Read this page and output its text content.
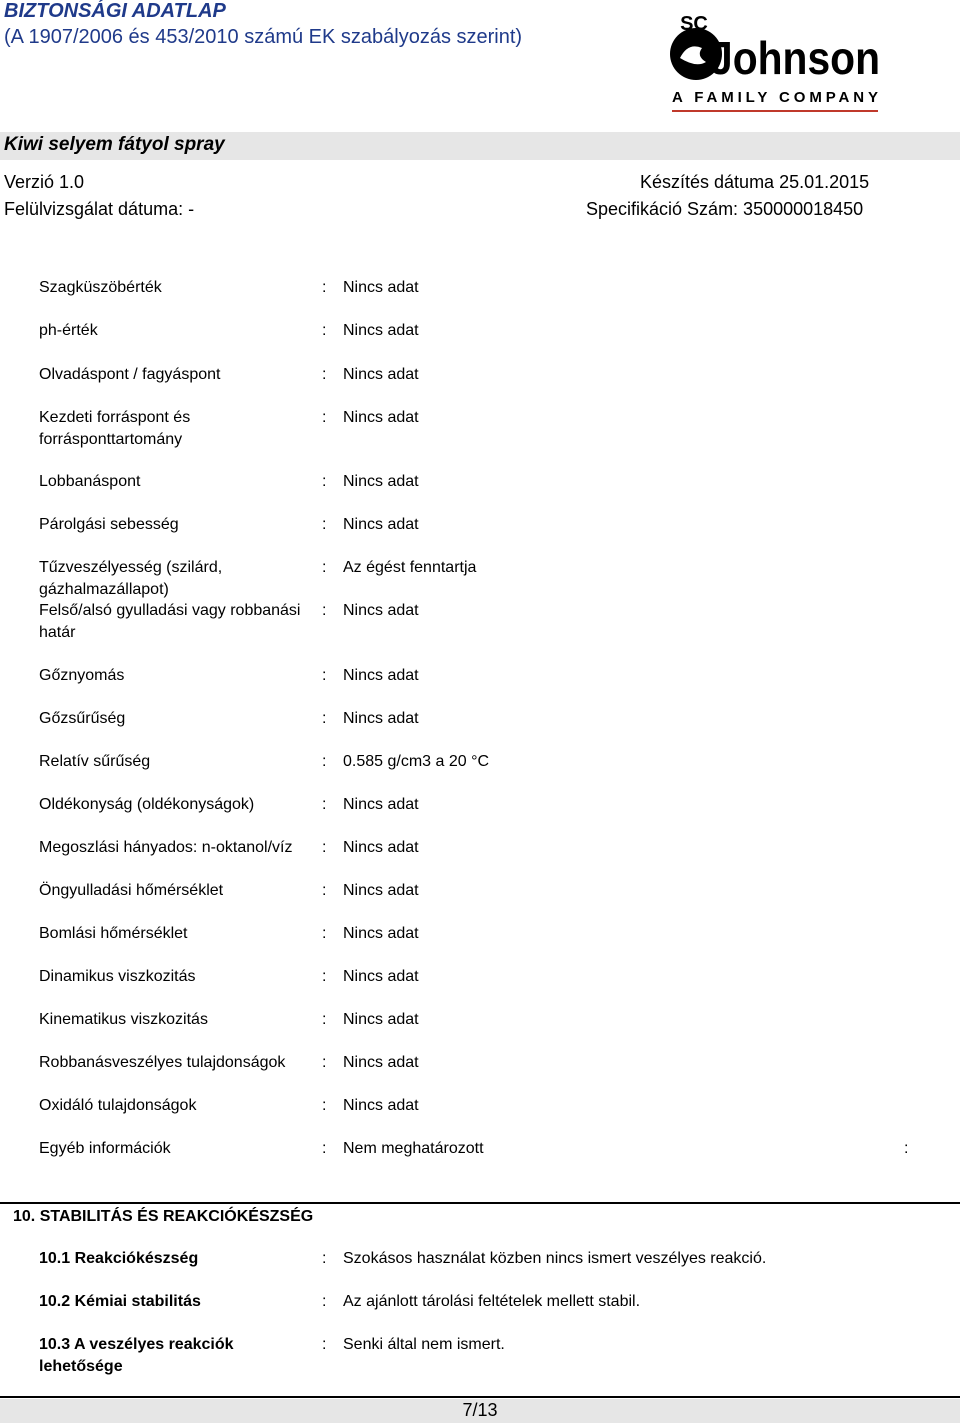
BIZTONSÁGI ADATLAP
(A 1907/2006 és 453/2010 számú EK szabályozás szerint)
SC
Johnson
A FAMILY COMPANY
Kiwi selyem fátyol spray
Verzió 1.0	Készítés dátuma 25.01.2015
Felülvizsgálat dátuma: -	Specifikáció Szám: 350000018450
Szagküszöbérték	: Nincs adat
ph-érték	: Nincs adat
Olvadáspont / fagyáspont	: Nincs adat
Kezdeti forráspont és forrásponttartomány
: Nincs adat
Lobbanáspont	: Nincs adat
Párolgási sebesség	: Nincs adat
Tűzveszélyesség (szilárd, gázhalmazállapot)
: Az égést fenntartja
Felső/alsó gyulladási vagy robbanási határ
: Nincs adat
Gőznyomás	: Nincs adat
Gőzsűrűség	: Nincs adat
Relatív sűrűség	: 0.585 g/cm3 a 20 °C
Oldékonyság (oldékonyságok)	: Nincs adat
Megoszlási hányados: n-oktanol/víz	: Nincs adat
Öngyulladási hőmérséklet	: Nincs adat
Bomlási hőmérséklet	: Nincs adat
Dinamikus viszkozitás	: Nincs adat
Kinematikus viszkozitás	: Nincs adat
Robbanásveszélyes tulajdonságok	: Nincs adat
Oxidáló tulajdonságok	: Nincs adat
Egyéb információk	: Nem meghatározott	:
10. STABILITÁS ÉS REAKCIÓKÉSZSÉG
10.1 Reakciókészség	: Szokásos használat közben nincs ismert veszélyes reakció.
10.2 Kémiai stabilitás	: Az ajánlott tárolási feltételek mellett stabil.
10.3 A veszélyes reakciók lehetősége
: Senki által nem ismert.
7/13
